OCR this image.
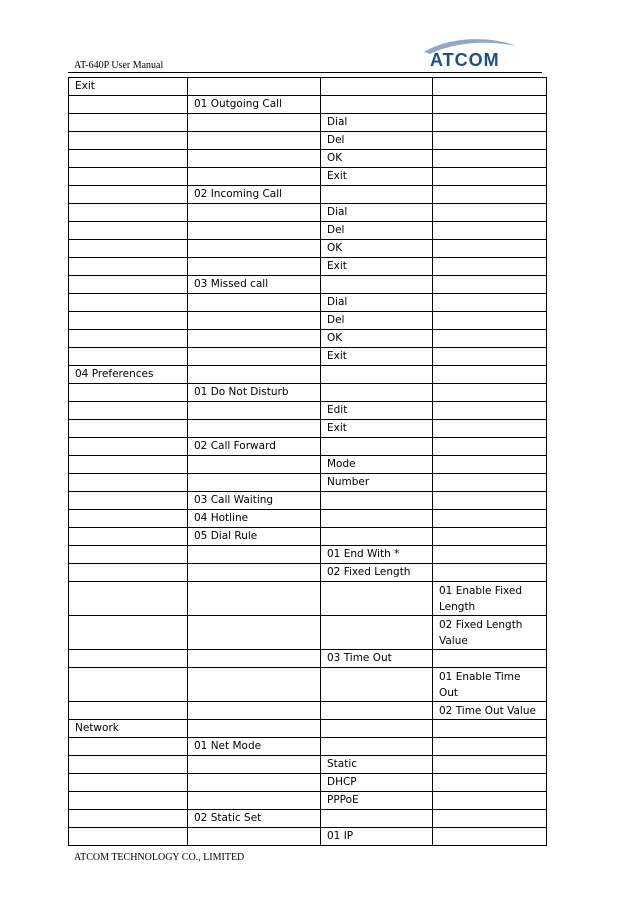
AT-640P User Manual	ATCOM
Exit			
	01 Outgoing Call		
		Dial	
		Del	
		OK	
		Exit	
	02 Incoming Call		
		Dial	
		Del	
		OK	
		Exit	
	03 Missed call		
		Dial	
		Del	
		OK	
		Exit	
04 Preferences			
	01 Do Not Disturb		
		Edit	
		Exit	
	02 Call Forward		
		Mode	
		Number	
	03 Call Waiting		
	04 Hotline		
	05 Dial Rule		
		01 End With *	
		02 Fixed Length	
			01 Enable Fixed Length
			02 Fixed Length Value
		03 Time Out	
			01 Enable Time Out
			02 Time Out Value
Network			
	01 Net Mode		
		Static	
		DHCP	
		PPPoE	
	02 Static Set		
		01 IP	
ATCOM TECHNOLOGY CO., LIMITED
